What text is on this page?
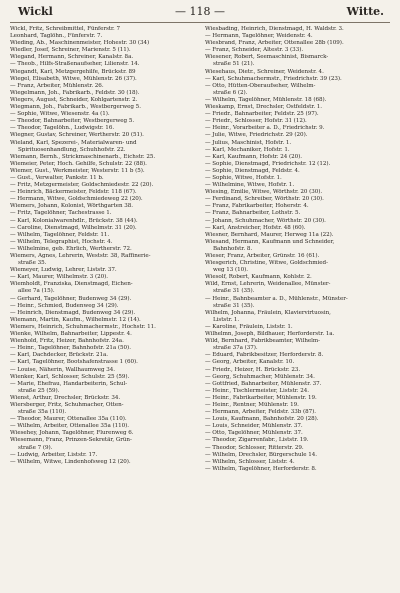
Wickl	— 118 —	Witte.
Wickl, Fritz, Schreibmittel, Fünferstr. 7
Leonhard, Taglöhn., Fünferstr. 7.
Wieding, Ab., Maschinenmeister, Hohestr. 30 (34)
Wiedler, Josef, Schreiner, Marienstr. 5 (11).
Wiegand, Hermann, Schreiner, Kanalstr. 8a.
— Theob., Hilfs-Straßenaufseher, Lilienstr. 14.
Wiegandt, Karl, Metzgergehilfe, Brückstr. 89
Wiegel, Elisabeth, Witwe, Mühlenstr. 26 (37).
— Franz, Arbeiter, Mühlenstr. 26.
Wiegelmann, Joh., Fabrikarb., Feldstr. 30 (18).
Wiegers, August, Schneider, Kohlgartenstr. 2.
Wiegmann, Joh., Fabrikarb., Westbergerweg 5.
— Sophie, Witwe, Wiesenstr. 4a (1).
— Theodor, Bahnarbeiter, Westbergerweg 5.
— Theodor, Tagelöhn., Ludwigstr. 16.
Wiegner, Gustav, Schreiner, Wertherstr. 20 (51).
Wieland, Karl, Spezerei-, Materialwaren- und
Spirituosenhandlung, Schuhhofstr. 22.
Wiemann, Bernh., Strickmaschinenarb., Eichstr. 25.
Wiemeier, Peter, Hoch. Gehilfe, Schulstr. 22 (88).
Wiemer, Gust., Werkmeister, Westerstr. 11 b (5).
— Gust., Verwalter, Pankstr. 11 b.
— Fritz, Metzgermeister, Goldschmiedestr. 22 (20).
— Heinrich, Bäckermeister, Feldstr. 118 (67).
— Hermann, Witwe, Goldschmiedeweg 22 (20).
Wiemers, Johann, Kolonist, Wörthgarten 38.
— Fritz, Tagelöhner, Tachestrasse 1.
— Karl, Kolonialwarenhdlr., Brückstr. 38 (44).
— Caroline, Dienstmagd, Wilhelmstr. 31 (20).
— Wilhelm, Tagelöhner, Feldstr. 11.
— Wilhelm, Telegraphist, Hochstr. 4.
— Wilhelmine, geb. Ehrlich, Wertherstr. 72.
Wiemers, Agnes, Lehrerin, Weststr. 38, Raffinerie-
straße 35.
Wiemeyer, Ludwig, Lehrer, Liststr. 37.
— Karl, Maurer, Wilhelmstr. 3 (20).
Wiemholdt, Franziska, Dienstmagd, Eichen-
allee 7a (15).
— Gerhard, Tagelöhner, Budenweg 34 (29).
— Heinr., Schmied, Budenweg 34 (29).
— Heinrich, Dienstmagd, Budenweg 34 (29).
Wiemann, Martin, Kaufm., Wilhelmstr. 12 (14).
Wiemers, Heinrich, Schuhmachermstr., Hochstr. 11.
Wienke, Wilhelm, Bahnarbeiter, Lippestr. 4.
Wienhold, Fritz, Heizer, Bahnhofstr. 24a.
— Heinr., Tagelöhner, Bahnhofstr. 21a (50).
— Karl, Dachdecker, Brückstr. 21a.
— Karl, Tagelöhner, Bootshafenstrasse 1 (60).
— Louise, Näherin, Wallhaumweg 34.
Wienker, Karl, Schlosser, Schulstr. 25 (59).
— Marie, Ehefrau, Handarbeiterin, Schul-
straße 25 (59).
Wienst, Arthur, Drechsler, Brückstr. 34.
Wiersberger, Fritz, Schuhmacher, Otten-
straße 35a (110).
— Theodor, Maurer, Ottenallee 35a (110).
— Wilhelm, Arbeiter, Ottenallee 35a (110).
Wiesehey, Johann, Tagelöhner, Flurenweg 6.
Wiesemann, Franz, Prinzen-Sekretär, Grün-
straße 7 (9).
— Ludwig, Arbeiter, Liststr. 17.
— Wilhelm, Witwe, Lindenhofsweg 12 (20).
Wiesbading, Heinrich, Dienstmagd, H. Waldstr. 3.
— Hermann, Tagelöhner, Weidenstr. 4.
Wiesbrand, Franz, Arbeiter, Ottenallee 28b (109).
— Franz, Schneider, Altestr. 3 (33).
Wiesener, Robert, Seemaschinist, Bismarck-
straße 51 (21).
Wiesehaus, Dietr., Schreiner, Weidenstr. 4.
— Karl, Schuhmachermstr., Friedrichstr. 39 (23).
— Otto, Hütten-Oberaufseher, Wilhelm-
straße 6 (2).
— Wilhelm, Tagelöhner, Mühlenstr. 18 (68).
Wieskamp, Ernst, Drechsler, Ostfeldstr. 1.
— Friedr., Bahnarbeiter, Feldstr. 25 (97).
— Friedr., Schlosser, Hofstr. 31 (12).
— Heinr., Vorarbeiter a. D., Friedrichstr. 9.
— Julie, Witwe, Friedrichstr. 29 (20).
— Julius, Maschinist, Hofstr. 1.
— Karl, Mechaniker, Hofstr. 1.
— Karl, Kaufmann, Hofstr. 24 (20).
— Sophie, Dienstmagd, Friedrichstr. 12 (12).
— Sophie, Dienstmagd, Feldstr. 4.
— Sophie, Witwe, Hofstr. 1.
— Wilhelmine, Witwe, Hofstr. 1.
Wiesing, Emilie, Witwe, Wörthstr. 20 (30).
— Ferdinand, Schreiber, Wörthstr. 20 (30).
— Franz, Fabrikarbeiter, Hoherstr. 4.
— Franz, Bahnarbeiter, Lothstr. 5.
— Johann, Schuhmacher, Wörthstr. 20 (30).
— Karl, Anstreicher, Hofstr. 48 (60).
Wiesner, Bernhard, Maurer, Herweg 11a (22).
Wiesand, Hermann, Kaufmann und Schneider,
Bahnhofstr. 8.
Wieser, Franz, Arbeiter, Grünstr. 16 (61).
Wiesgerich, Christine, Witwe, Goldschmied-
weg 13 (10).
Wiesolf, Robert, Kaufmann, Kohlstr. 2.
Wild, Ernst, Lehrerin, Weidenallee, Münster-
straße 31 (35).
— Heinr., Bahnbeamter a. D., Mühlenstr., Münster-
straße 31 (35).
Wilhelm, Johanna, Fräulein, Klaviervirtuosin,
Liststr. 1.
— Karoline, Fräulein, Liststr. 1.
Wilhelmn, Joseph, Bildhauer, Herforderstr. 1a.
Wild, Bernhard, Fabrikbeamter, Wilhelm-
straße 37a (37).
— Eduard, Fabrikbesitzer, Herforderstr. 8.
— Georg, Arbeiter, Kanalstr. 10.
— Friedr., Heizer, H. Brückstr. 23.
— Georg, Schuhmacher, Mühlenstr. 34.
— Gottfried, Bahnarbeiter, Mühlenstr. 37.
— Heinr., Tischlermeister, Liststr. 24.
— Heinr., Fabrikarbeiter, Mühlenstr. 19.
— Heinr., Rentner, Mühlenstr. 19.
— Hermann, Arbeiter, Feldstr. 33b (87).
— Louis, Kaufmann, Bahnhofstr. 20 (28).
— Louis, Schneider, Mühlenstr. 37.
— Otto, Tagelöhner, Mühlenstr. 37.
— Theodor, Zigarrenfabr., Liststr. 19.
— Theodor, Schlosser, Ritterstr. 29.
— Wilhelm, Drechsler, Bürgerschule 14.
— Wilhelm, Schlosser, Liststr. 4.
— Wilhelm, Tagelöhner, Herforderstr. 8.
